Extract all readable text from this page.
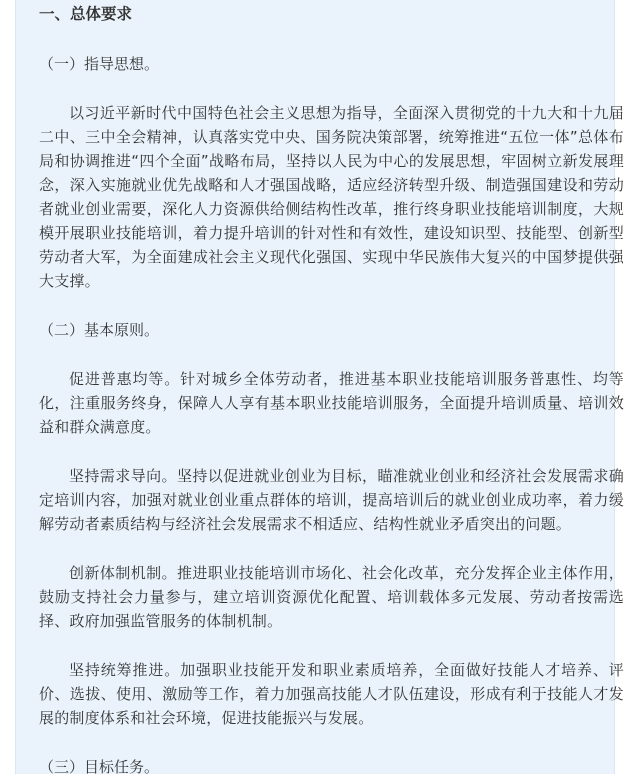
一、总体要求

（一）指导思想。

以习近平新时代中国特色社会主义思想为指导，全面深入贯彻党的十九大和十九届二中、三中全会精神，认真落实党中央、国务院决策部署，统筹推进“五位一体”总体布局和协调推进“四个全面”战略布局，坚持以人民为中心的发展思想，牢固树立新发展理念，深入实施就业优先战略和人才强国战略，适应经济转型升级、制造强国建设和劳动者就业创业需要，深化人力资源供给侧结构性改革，推行终身职业技能培训制度，大规模开展职业技能培训，着力提升培训的针对性和有效性，建设知识型、技能型、创新型劳动者大军，为全面建成社会主义现代化强国、实现中华民族伟大复兴的中国梦提供强大支撑。

（二）基本原则。

促进普惠均等。针对城乡全体劳动者，推进基本职业技能培训服务普惠性、均等化，注重服务终身，保障人人享有基本职业技能培训服务，全面提升培训质量、培训效益和群众满意度。

坚持需求导向。坚持以促进就业创业为目标，瞄准就业创业和经济社会发展需求确定培训内容，加强对就业创业重点群体的培训，提高培训后的就业创业成功率，着力缓解劳动者素质结构与经济社会发展需求不相适应、结构性就业矛盾突出的问题。

创新体制机制。推进职业技能培训市场化、社会化改革，充分发挥企业主体作用，鼓励支持社会力量参与，建立培训资源优化配置、培训载体多元发展、劳动者按需选择、政府加强监管服务的体制机制。

坚持统筹推进。加强职业技能开发和职业素质培养，全面做好技能人才培养、评价、选拔、使用、激励等工作，着力加强高技能人才队伍建设，形成有利于技能人才发展的制度体系和社会环境，促进技能振兴与发展。

（三）目标任务。
